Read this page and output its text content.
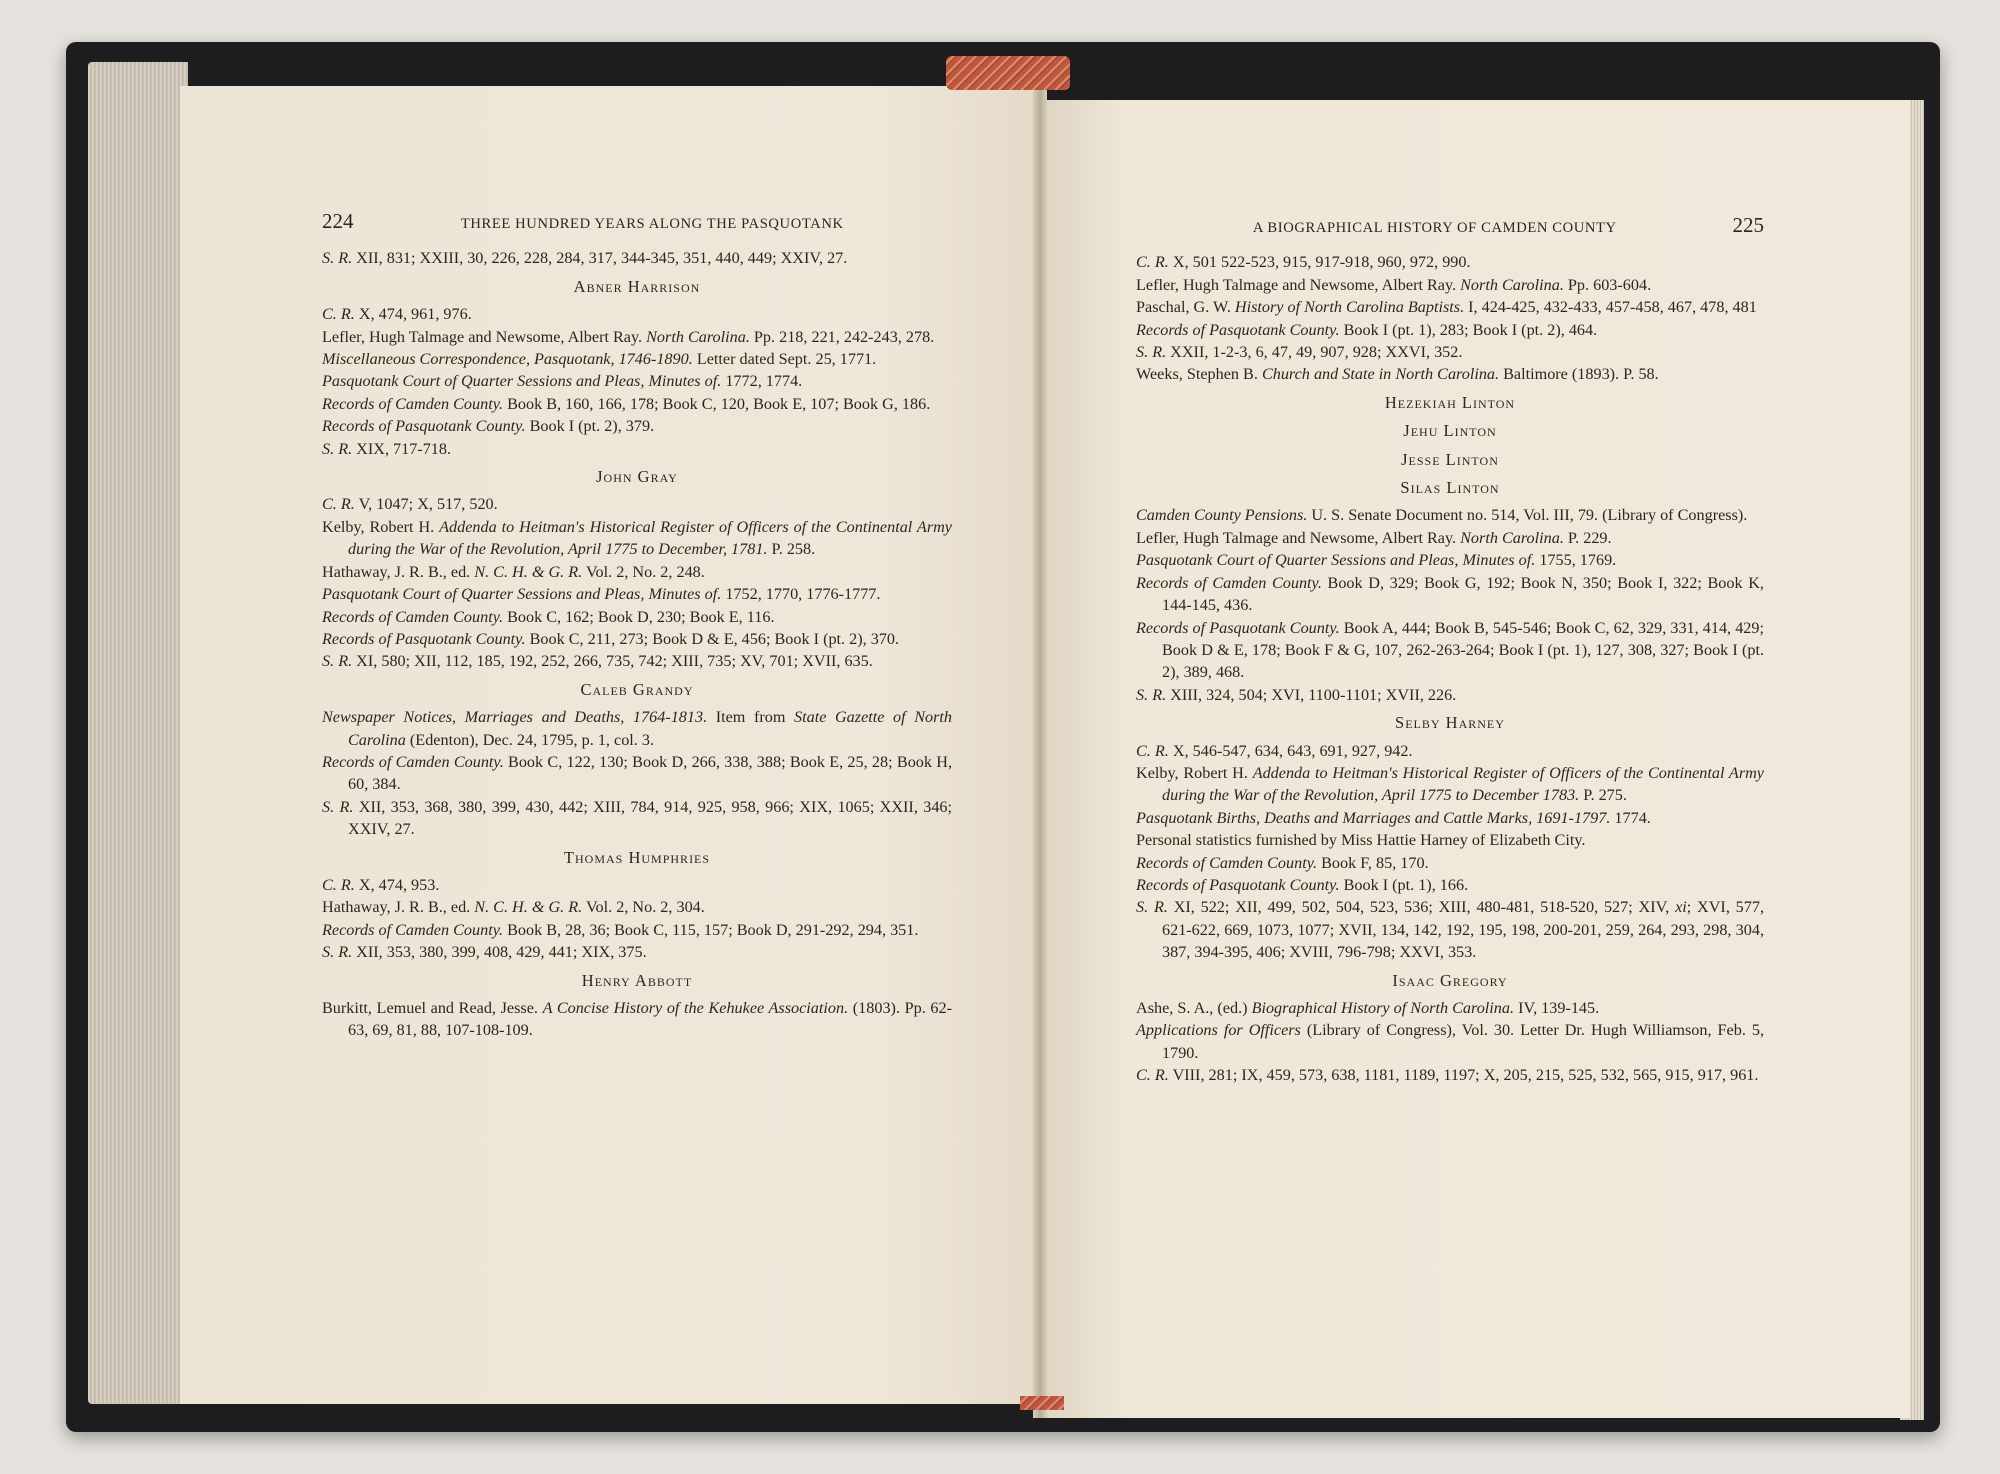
224	THREE HUNDRED YEARS ALONG THE PASQUOTANK

S. R. XII, 831; XXIII, 30, 226, 228, 284, 317, 344-345, 351, 440, 449; XXIV, 27.

Abner Harrison

C. R. X, 474, 961, 976.

Lefler, Hugh Talmage and Newsome, Albert Ray. North Carolina. Pp. 218, 221, 242-243, 278.

Miscellaneous Correspondence, Pasquotank, 1746-1890. Letter dated Sept. 25, 1771.

Pasquotank Court of Quarter Sessions and Pleas, Minutes of. 1772, 1774.

Records of Camden County. Book B, 160, 166, 178; Book C, 120, Book E, 107; Book G, 186.

Records of Pasquotank County. Book I (pt. 2), 379.

S. R. XIX, 717-718.

John Gray

C. R. V, 1047; X, 517, 520.

Kelby, Robert H. Addenda to Heitman's Historical Register of Officers of the Continental Army during the War of the Revolution, April 1775 to December, 1781. P. 258.

Hathaway, J. R. B., ed. N. C. H. & G. R. Vol. 2, No. 2, 248.

Pasquotank Court of Quarter Sessions and Pleas, Minutes of. 1752, 1770, 1776-1777.

Records of Camden County. Book C, 162; Book D, 230; Book E, 116.

Records of Pasquotank County. Book C, 211, 273; Book D & E, 456; Book I (pt. 2), 370.

S. R. XI, 580; XII, 112, 185, 192, 252, 266, 735, 742; XIII, 735; XV, 701; XVII, 635.

Caleb Grandy

Newspaper Notices, Marriages and Deaths, 1764-1813. Item from State Gazette of North Carolina (Edenton), Dec. 24, 1795, p. 1, col. 3.

Records of Camden County. Book C, 122, 130; Book D, 266, 338, 388; Book E, 25, 28; Book H, 60, 384.

S. R. XII, 353, 368, 380, 399, 430, 442; XIII, 784, 914, 925, 958, 966; XIX, 1065; XXII, 346; XXIV, 27.

Thomas Humphries

C. R. X, 474, 953.

Hathaway, J. R. B., ed. N. C. H. & G. R. Vol. 2, No. 2, 304.

Records of Camden County. Book B, 28, 36; Book C, 115, 157; Book D, 291-292, 294, 351.

S. R. XII, 353, 380, 399, 408, 429, 441; XIX, 375.

Henry Abbott

Burkitt, Lemuel and Read, Jesse. A Concise History of the Kehukee Association. (1803). Pp. 62-63, 69, 81, 88, 107-108-109.

A BIOGRAPHICAL HISTORY OF CAMDEN COUNTY	225

C. R. X, 501 522-523, 915, 917-918, 960, 972, 990.

Lefler, Hugh Talmage and Newsome, Albert Ray. North Carolina. Pp. 603-604.

Paschal, G. W. History of North Carolina Baptists. I, 424-425, 432-433, 457-458, 467, 478, 481

Records of Pasquotank County. Book I (pt. 1), 283; Book I (pt. 2), 464.

S. R. XXII, 1-2-3, 6, 47, 49, 907, 928; XXVI, 352.

Weeks, Stephen B. Church and State in North Carolina. Baltimore (1893). P. 58.

Hezekiah Linton
Jehu Linton
Jesse Linton
Silas Linton

Camden County Pensions. U. S. Senate Document no. 514, Vol. III, 79. (Library of Congress).

Lefler, Hugh Talmage and Newsome, Albert Ray. North Carolina. P. 229.

Pasquotank Court of Quarter Sessions and Pleas, Minutes of. 1755, 1769.

Records of Camden County. Book D, 329; Book G, 192; Book N, 350; Book I, 322; Book K, 144-145, 436.

Records of Pasquotank County. Book A, 444; Book B, 545-546; Book C, 62, 329, 331, 414, 429; Book D & E, 178; Book F & G, 107, 262-263-264; Book I (pt. 1), 127, 308, 327; Book I (pt. 2), 389, 468.

S. R. XIII, 324, 504; XVI, 1100-1101; XVII, 226.

Selby Harney

C. R. X, 546-547, 634, 643, 691, 927, 942.

Kelby, Robert H. Addenda to Heitman's Historical Register of Officers of the Continental Army during the War of the Revolution, April 1775 to December 1783. P. 275.

Pasquotank Births, Deaths and Marriages and Cattle Marks, 1691-1797. 1774.

Personal statistics furnished by Miss Hattie Harney of Elizabeth City.

Records of Camden County. Book F, 85, 170.

Records of Pasquotank County. Book I (pt. 1), 166.

S. R. XI, 522; XII, 499, 502, 504, 523, 536; XIII, 480-481, 518-520, 527; XIV, xi; XVI, 577, 621-622, 669, 1073, 1077; XVII, 134, 142, 192, 195, 198, 200-201, 259, 264, 293, 298, 304, 387, 394-395, 406; XVIII, 796-798; XXVI, 353.

Isaac Gregory

Ashe, S. A., (ed.) Biographical History of North Carolina. IV, 139-145.

Applications for Officers (Library of Congress), Vol. 30. Letter Dr. Hugh Williamson, Feb. 5, 1790.

C. R. VIII, 281; IX, 459, 573, 638, 1181, 1189, 1197; X, 205, 215, 525, 532, 565, 915, 917, 961.
